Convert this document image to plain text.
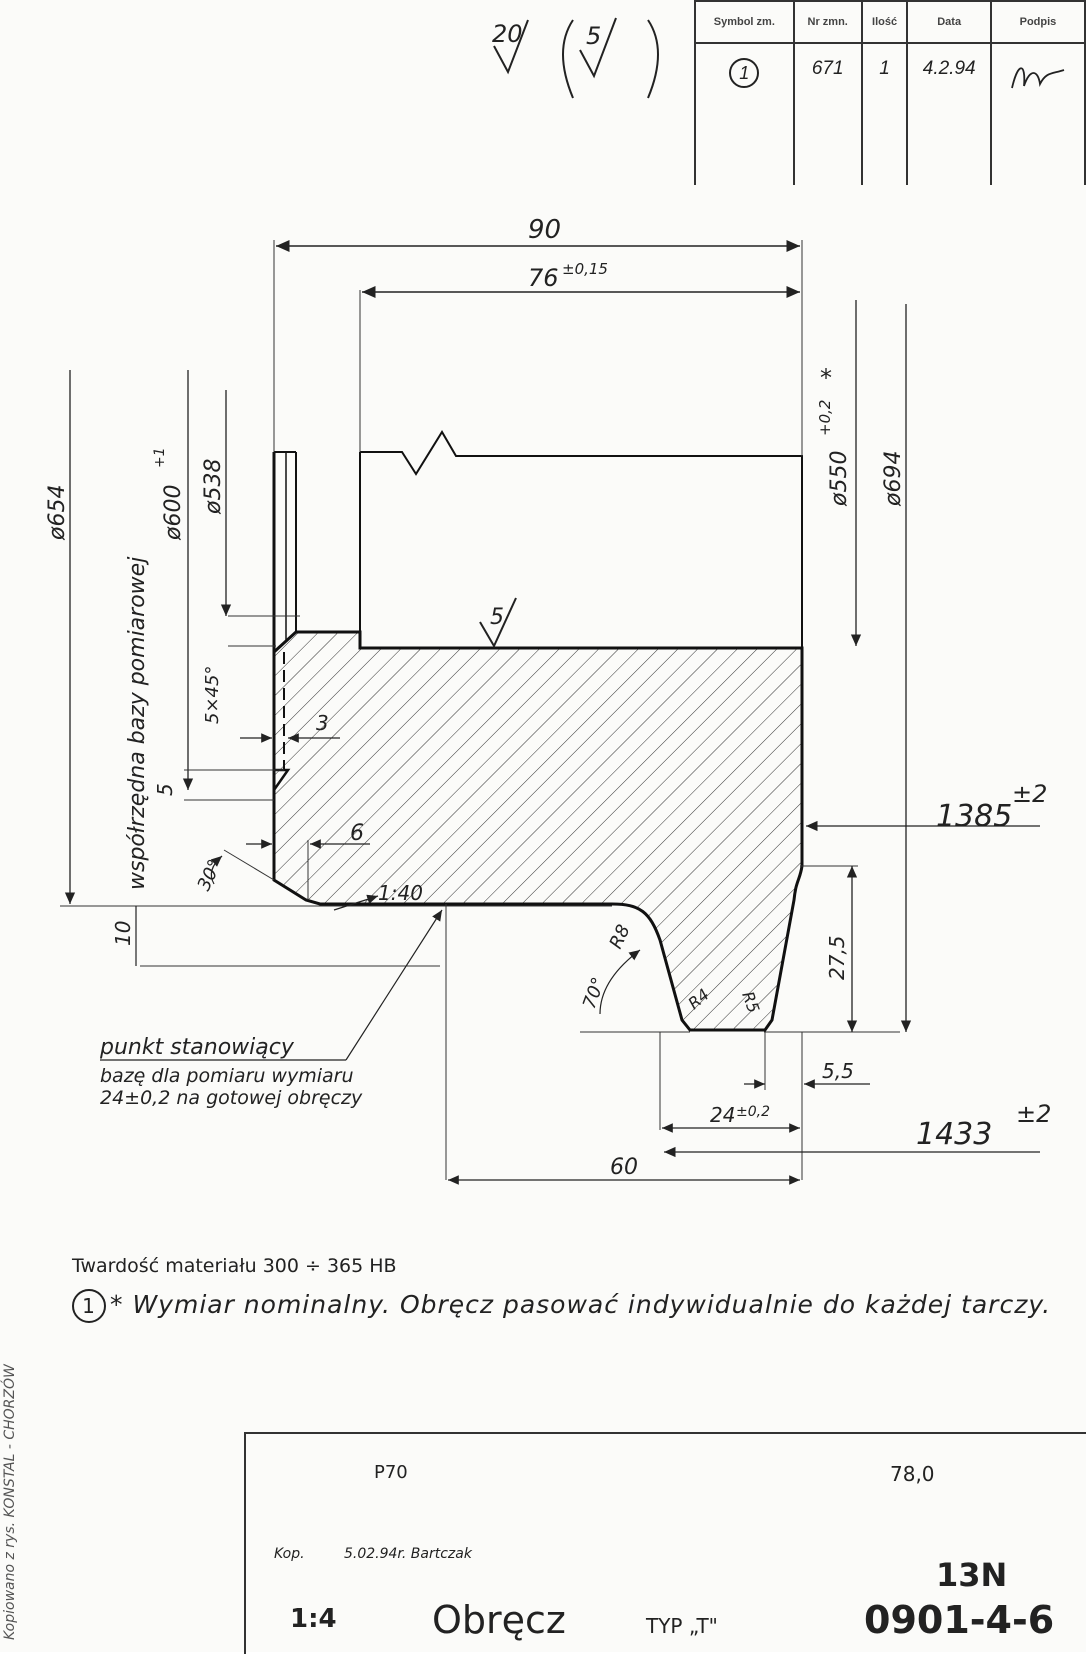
Symbol zm.	Nr zmn.	Ilość	Data	Podpis
1	671	1	4.2.94	
20	5
90
76 ±0,15
ø654	ø600
+1
ø538
5×45°	3
5
6
30°	1:40
10
współrzędna bazy pomiarowej
ø550
+0,2
*
ø694
27,5
1385
±2
5
R8
70°	R4 R5
5,5
24 ±0,2
1433
±2
60
punkt stanowiący
bazę dla pomiaru wymiaru
24±0,2 na gotowej obręczy
Twardość materiału 300 ÷ 365 HB
1 * Wymiar nominalny. Obręcz pasować indywidualnie do każdej tarczy.
P70	78,0
Kop.	5.02.94r. Bartczak
1:4	Obręcz	TYP „T"
13N
0901-4-6
Kopiowano z rys. KONSTAL - CHORZÓW
